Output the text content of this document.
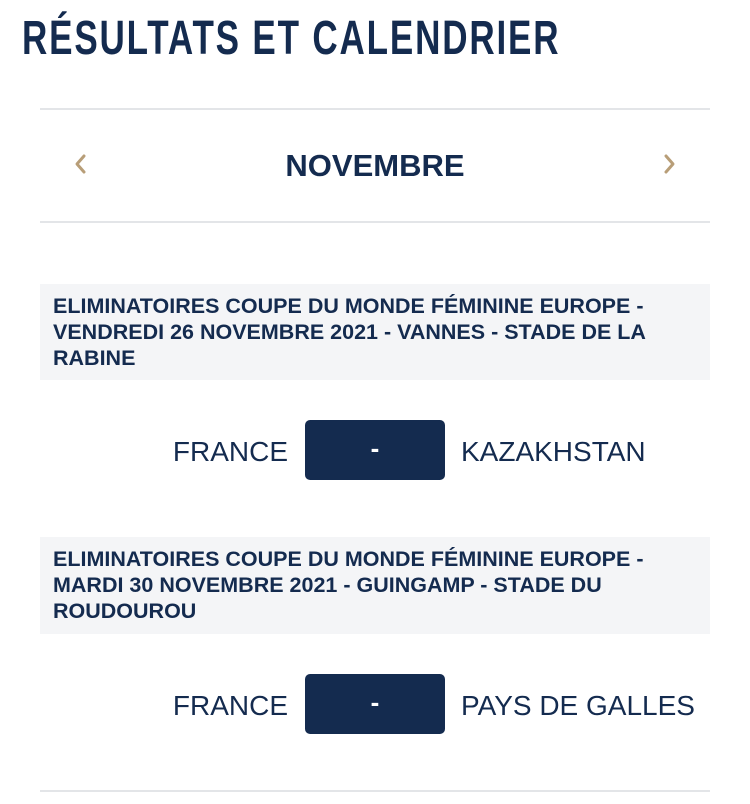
RÉSULTATS ET CALENDRIER
NOVEMBRE
ELIMINATOIRES COUPE DU MONDE FÉMININE EUROPE - VENDREDI 26 NOVEMBRE 2021 - VANNES - STADE DE LA RABINE
FRANCE	-	KAZAKHSTAN
ELIMINATOIRES COUPE DU MONDE FÉMININE EUROPE - MARDI 30 NOVEMBRE 2021 - GUINGAMP - STADE DU ROUDOUROU
FRANCE	-	PAYS DE GALLES
